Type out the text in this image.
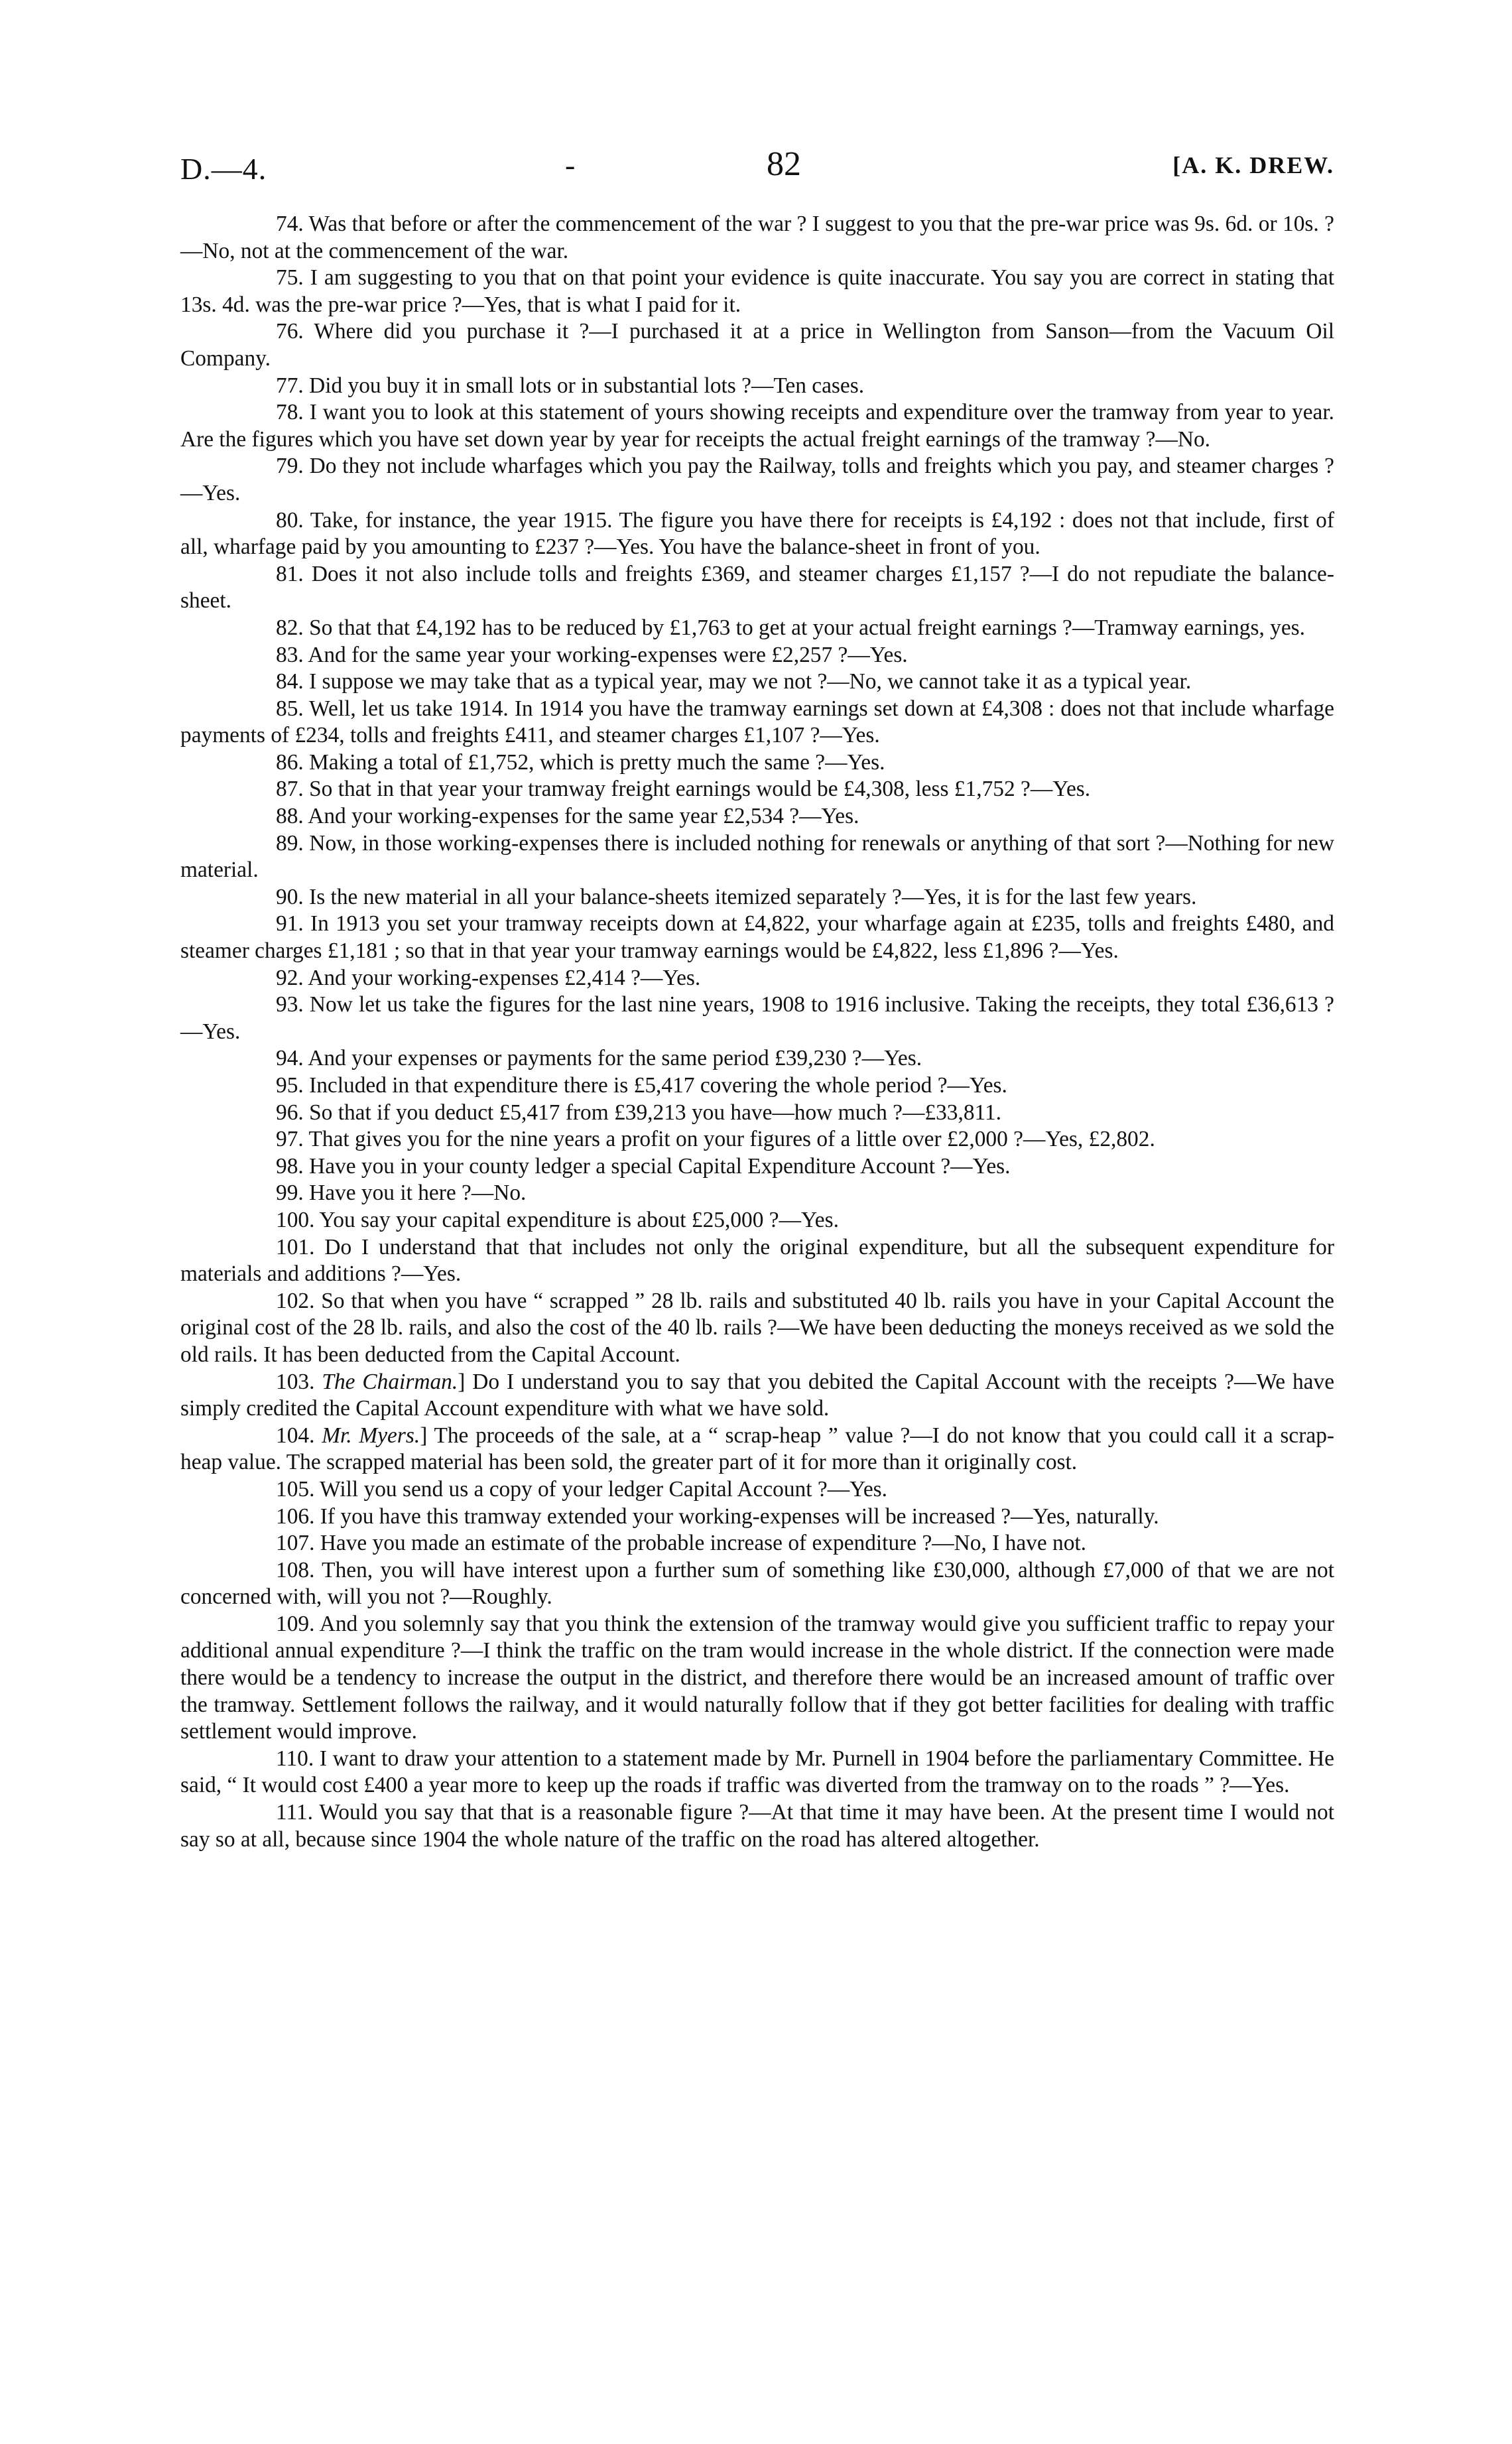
D.—4.	-	82	[A. K. DREW.

74. Was that before or after the commencement of the war ? I suggest to you that the pre-war price was 9s. 6d. or 10s. ?—No, not at the commencement of the war.

75. I am suggesting to you that on that point your evidence is quite inaccurate. You say you are correct in stating that 13s. 4d. was the pre-war price ?—Yes, that is what I paid for it.

76. Where did you purchase it ?—I purchased it at a price in Wellington from Sanson—from the Vacuum Oil Company.

77. Did you buy it in small lots or in substantial lots ?—Ten cases.

78. I want you to look at this statement of yours showing receipts and expenditure over the tramway from year to year. Are the figures which you have set down year by year for receipts the actual freight earnings of the tramway ?—No.

79. Do they not include wharfages which you pay the Railway, tolls and freights which you pay, and steamer charges ?—Yes.

80. Take, for instance, the year 1915. The figure you have there for receipts is £4,192 : does not that include, first of all, wharfage paid by you amounting to £237 ?—Yes. You have the balance-sheet in front of you.

81. Does it not also include tolls and freights £369, and steamer charges £1,157 ?—I do not repudiate the balance-sheet.

82. So that that £4,192 has to be reduced by £1,763 to get at your actual freight earnings ?—Tramway earnings, yes.

83. And for the same year your working-expenses were £2,257 ?—Yes.

84. I suppose we may take that as a typical year, may we not ?—No, we cannot take it as a typical year.

85. Well, let us take 1914. In 1914 you have the tramway earnings set down at £4,308 : does not that include wharfage payments of £234, tolls and freights £411, and steamer charges £1,107 ?—Yes.

86. Making a total of £1,752, which is pretty much the same ?—Yes.

87. So that in that year your tramway freight earnings would be £4,308, less £1,752 ?—Yes.

88. And your working-expenses for the same year £2,534 ?—Yes.

89. Now, in those working-expenses there is included nothing for renewals or anything of that sort ?—Nothing for new material.

90. Is the new material in all your balance-sheets itemized separately ?—Yes, it is for the last few years.

91. In 1913 you set your tramway receipts down at £4,822, your wharfage again at £235, tolls and freights £480, and steamer charges £1,181 ; so that in that year your tramway earnings would be £4,822, less £1,896 ?—Yes.

92. And your working-expenses £2,414 ?—Yes.

93. Now let us take the figures for the last nine years, 1908 to 1916 inclusive. Taking the receipts, they total £36,613 ?—Yes.

94. And your expenses or payments for the same period £39,230 ?—Yes.

95. Included in that expenditure there is £5,417 covering the whole period ?—Yes.

96. So that if you deduct £5,417 from £39,213 you have—how much ?—£33,811.

97. That gives you for the nine years a profit on your figures of a little over £2,000 ?—Yes, £2,802.

98. Have you in your county ledger a special Capital Expenditure Account ?—Yes.

99. Have you it here ?—No.

100. You say your capital expenditure is about £25,000 ?—Yes.

101. Do I understand that that includes not only the original expenditure, but all the subsequent expenditure for materials and additions ?—Yes.

102. So that when you have “ scrapped ” 28 lb. rails and substituted 40 lb. rails you have in your Capital Account the original cost of the 28 lb. rails, and also the cost of the 40 lb. rails ?—We have been deducting the moneys received as we sold the old rails. It has been deducted from the Capital Account.

103. The Chairman.] Do I understand you to say that you debited the Capital Account with the receipts ?—We have simply credited the Capital Account expenditure with what we have sold.

104. Mr. Myers.] The proceeds of the sale, at a “ scrap-heap ” value ?—I do not know that you could call it a scrap-heap value. The scrapped material has been sold, the greater part of it for more than it originally cost.

105. Will you send us a copy of your ledger Capital Account ?—Yes.

106. If you have this tramway extended your working-expenses will be increased ?—Yes, naturally.

107. Have you made an estimate of the probable increase of expenditure ?—No, I have not.

108. Then, you will have interest upon a further sum of something like £30,000, although £7,000 of that we are not concerned with, will you not ?—Roughly.

109. And you solemnly say that you think the extension of the tramway would give you sufficient traffic to repay your additional annual expenditure ?—I think the traffic on the tram would increase in the whole district. If the connection were made there would be a tendency to increase the output in the district, and therefore there would be an increased amount of traffic over the tramway. Settlement follows the railway, and it would naturally follow that if they got better facilities for dealing with traffic settlement would improve.

110. I want to draw your attention to a statement made by Mr. Purnell in 1904 before the parliamentary Committee. He said, “ It would cost £400 a year more to keep up the roads if traffic was diverted from the tramway on to the roads ” ?—Yes.

111. Would you say that that is a reasonable figure ?—At that time it may have been. At the present time I would not say so at all, because since 1904 the whole nature of the traffic on the road has altered altogether.
